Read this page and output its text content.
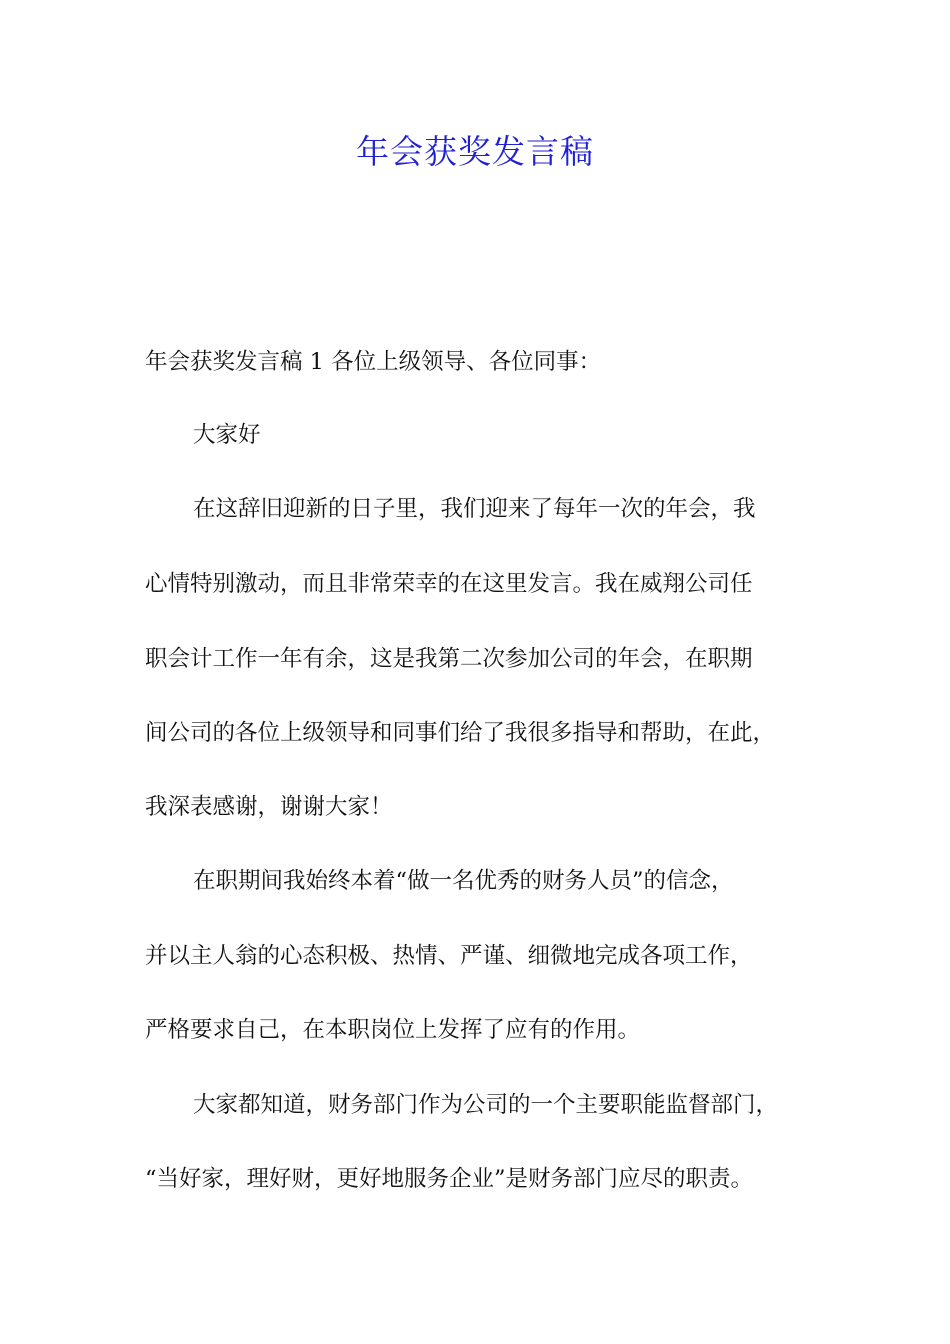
年会获奖发言稿

年会获奖发言稿 1 各位上级领导、各位同事：

大家好

在这辞旧迎新的日子里，我们迎来了每年一次的年会，我

心情特别激动，而且非常荣幸的在这里发言。我在威翔公司任

职会计工作一年有余，这是我第二次参加公司的年会，在职期

间公司的各位上级领导和同事们给了我很多指导和帮助，在此，

我深表感谢，谢谢大家！

在职期间我始终本着“做一名优秀的财务人员”的信念，

并以主人翁的心态积极、热情、严谨、细微地完成各项工作，

严格要求自己，在本职岗位上发挥了应有的作用。

大家都知道，财务部门作为公司的一个主要职能监督部门，

“当好家，理好财，更好地服务企业”是财务部门应尽的职责。
